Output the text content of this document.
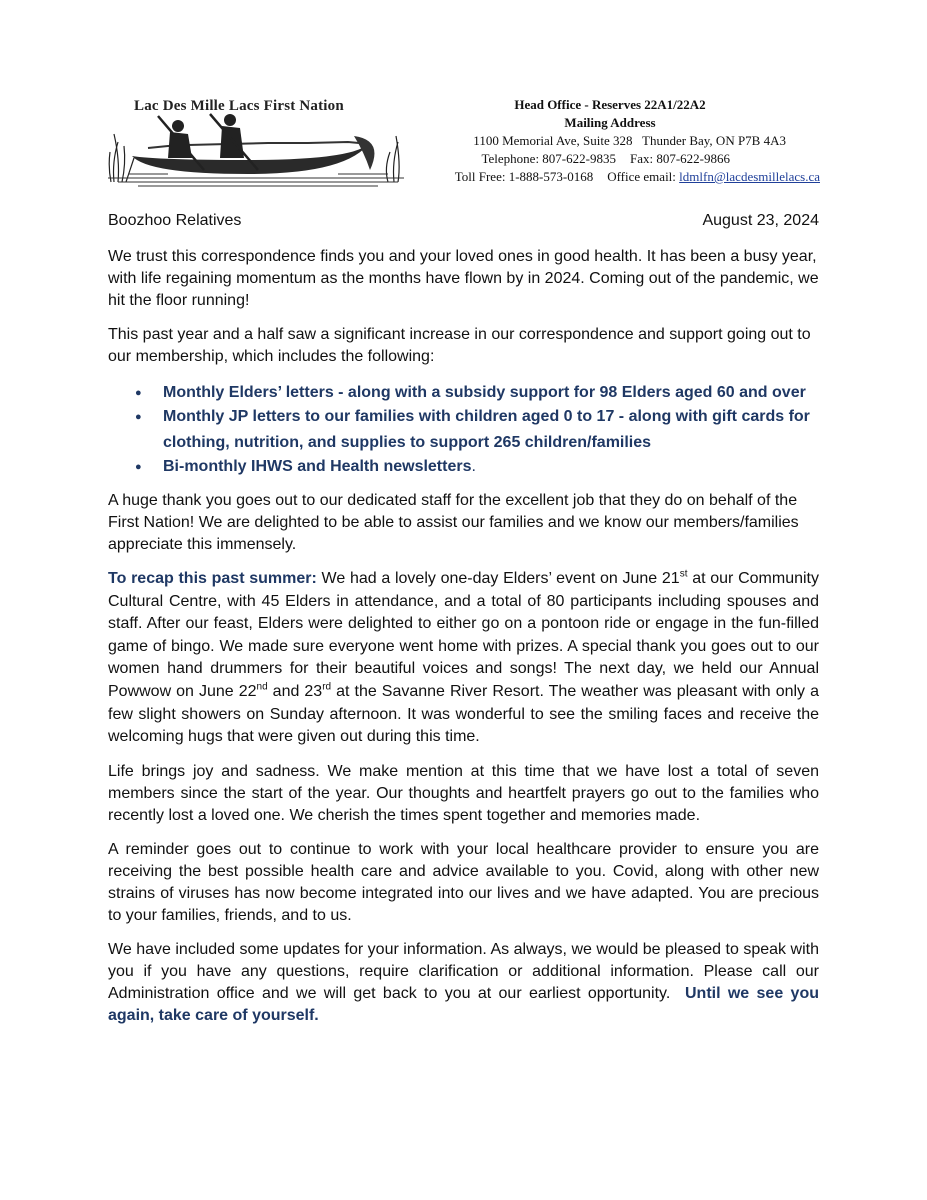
Lac Des Mille Lacs First Nation	Head Office - Reserves 22A1/22A2
Mailing Address
1100 Memorial Ave, Suite 328   Thunder Bay, ON P7B 4A3
Telephone: 807-622-9835 Fax: 807-622-9866
Toll Free: 1-888-573-0168 Office email: ldmlfn@lacdesmillelacs.ca
Boozhoo Relatives	August 23, 2024

We trust this correspondence finds you and your loved ones in good health. It has been a busy year, with life regaining momentum as the months have flown by in 2024. Coming out of the pandemic, we hit the floor running!

This past year and a half saw a significant increase in our correspondence and support going out to our membership, which includes the following:

● Monthly Elders’ letters - along with a subsidy support for 98 Elders aged 60 and over
● Monthly JP letters to our families with children aged 0 to 17 - along with gift cards for clothing, nutrition, and supplies to support 265 children/families
● Bi-monthly IHWS and Health newsletters.

A huge thank you goes out to our dedicated staff for the excellent job that they do on behalf of the First Nation! We are delighted to be able to assist our families and we know our members/families appreciate this immensely.

To recap this past summer: We had a lovely one-day Elders’ event on June 21st at our Community Cultural Centre, with 45 Elders in attendance, and a total of 80 participants including spouses and staff. After our feast, Elders were delighted to either go on a pontoon ride or engage in the fun-filled game of bingo. We made sure everyone went home with prizes. A special thank you goes out to our women hand drummers for their beautiful voices and songs! The next day, we held our Annual Powwow on June 22nd and 23rd at the Savanne River Resort. The weather was pleasant with only a few slight showers on Sunday afternoon. It was wonderful to see the smiling faces and receive the welcoming hugs that were given out during this time.

Life brings joy and sadness. We make mention at this time that we have lost a total of seven members since the start of the year. Our thoughts and heartfelt prayers go out to the families who recently lost a loved one. We cherish the times spent together and memories made.

A reminder goes out to continue to work with your local healthcare provider to ensure you are receiving the best possible health care and advice available to you. Covid, along with other new strains of viruses has now become integrated into our lives and we have adapted. You are precious to your families, friends, and to us.

We have included some updates for your information. As always, we would be pleased to speak with you if you have any questions, require clarification or additional information. Please call our Administration office and we will get back to you at our earliest opportunity. Until we see you again, take care of yourself.
